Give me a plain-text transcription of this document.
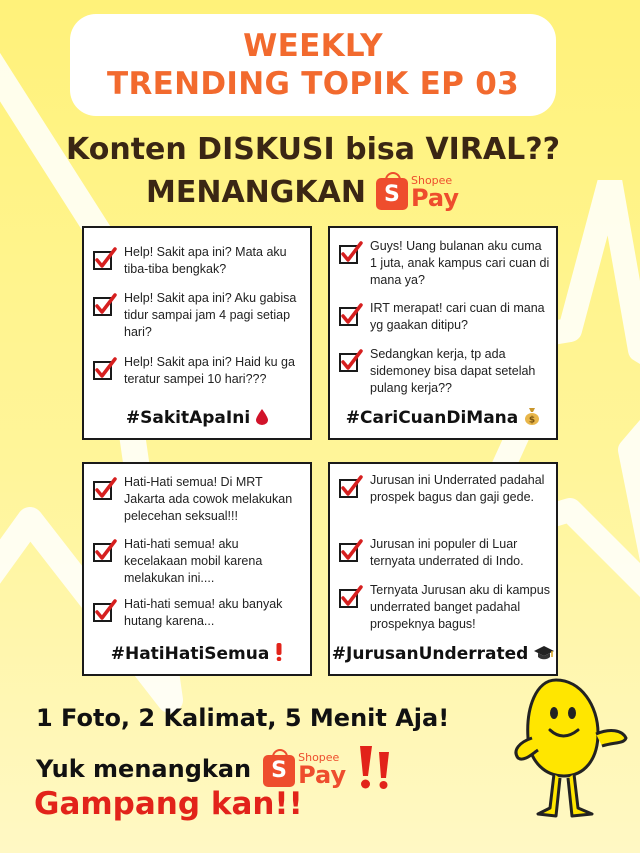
WEEKLY
TRENDING TOPIK EP 03
Konten DISKUSI bisa VIRAL??
MENANGKAN S
Shopee
Pay
Help! Sakit apa ini? Mata aku tiba-tiba bengkak?
Help! Sakit apa ini? Aku gabisa tidur sampai jam 4 pagi setiap hari?
Help! Sakit apa ini? Haid ku ga teratur sampei 10 hari???
#SakitApaIni
Guys! Uang bulanan aku cuma 1 juta, anak kampus cari cuan di mana ya?
IRT merapat! cari cuan di mana yg gaakan ditipu?
Sedangkan kerja, tp ada sidemoney bisa dapat setelah pulang kerja??
#CariCuanDiMana $
Hati-Hati semua! Di MRT Jakarta ada cowok melakukan pelecehan seksual!!!
Hati-hati semua! aku kecelakaan mobil karena melakukan ini....
Hati-hati semua! aku banyak hutang karena...
#HatiHatiSemua
Jurusan ini Underrated padahal prospek bagus dan gaji gede.
Jurusan ini populer di Luar ternyata underrated di Indo.
Ternyata Jurusan aku di kampus underrated banget padahal prospeknya bagus!
#JurusanUnderrated
1 Foto, 2 Kalimat, 5 Menit Aja!
Yuk menangkan S
Shopee
Pay
Gampang kan!!
